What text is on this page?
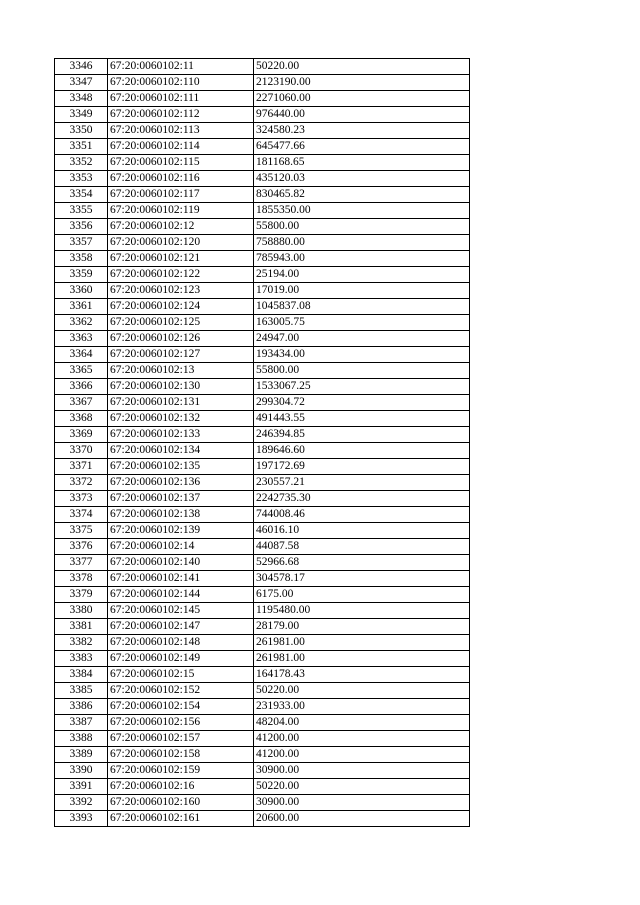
3346	67:20:0060102:11	50220.00
3347	67:20:0060102:110	2123190.00
3348	67:20:0060102:111	2271060.00
3349	67:20:0060102:112	976440.00
3350	67:20:0060102:113	324580.23
3351	67:20:0060102:114	645477.66
3352	67:20:0060102:115	181168.65
3353	67:20:0060102:116	435120.03
3354	67:20:0060102:117	830465.82
3355	67:20:0060102:119	1855350.00
3356	67:20:0060102:12	55800.00
3357	67:20:0060102:120	758880.00
3358	67:20:0060102:121	785943.00
3359	67:20:0060102:122	25194.00
3360	67:20:0060102:123	17019.00
3361	67:20:0060102:124	1045837.08
3362	67:20:0060102:125	163005.75
3363	67:20:0060102:126	24947.00
3364	67:20:0060102:127	193434.00
3365	67:20:0060102:13	55800.00
3366	67:20:0060102:130	1533067.25
3367	67:20:0060102:131	299304.72
3368	67:20:0060102:132	491443.55
3369	67:20:0060102:133	246394.85
3370	67:20:0060102:134	189646.60
3371	67:20:0060102:135	197172.69
3372	67:20:0060102:136	230557.21
3373	67:20:0060102:137	2242735.30
3374	67:20:0060102:138	744008.46
3375	67:20:0060102:139	46016.10
3376	67:20:0060102:14	44087.58
3377	67:20:0060102:140	52966.68
3378	67:20:0060102:141	304578.17
3379	67:20:0060102:144	6175.00
3380	67:20:0060102:145	1195480.00
3381	67:20:0060102:147	28179.00
3382	67:20:0060102:148	261981.00
3383	67:20:0060102:149	261981.00
3384	67:20:0060102:15	164178.43
3385	67:20:0060102:152	50220.00
3386	67:20:0060102:154	231933.00
3387	67:20:0060102:156	48204.00
3388	67:20:0060102:157	41200.00
3389	67:20:0060102:158	41200.00
3390	67:20:0060102:159	30900.00
3391	67:20:0060102:16	50220.00
3392	67:20:0060102:160	30900.00
3393	67:20:0060102:161	20600.00
